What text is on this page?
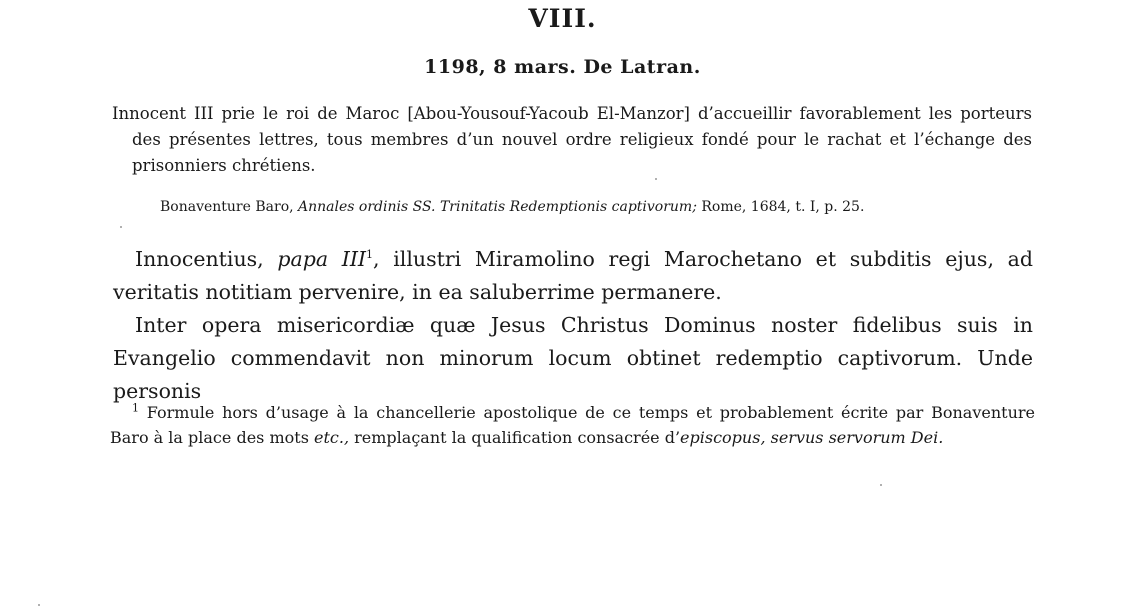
VIII.
1198, 8 mars. De Latran.

Innocent III prie le roi de Maroc [Abou-Yousouf-Yacoub El-Manzor] d’accueillir favorablement les porteurs des présentes lettres, tous membres d’un nouvel ordre religieux fondé pour le rachat et l’échange des prisonniers chrétiens.

Bonaventure Baro, Annales ordinis SS. Trinitatis Redemptionis captivorum; Rome, 1684, t. I, p. 25.

Innocentius, papa III$^1$, illustri Miramolino regi Marochetano et subditis ejus, ad veritatis notitiam pervenire, in ea saluberrime permanere.

Inter opera misericordiæ quæ Jesus Christus Dominus noster fidelibus suis in Evangelio commendavit non minorum locum obtinet redemptio captivorum. Unde personis

$^1$ Formule hors d’usage à la chancellerie apostolique de ce temps et probablement écrite par Bonaventure Baro à la place des mots etc., remplaçant la qualification consacrée d’episcopus, servus servorum Dei.
